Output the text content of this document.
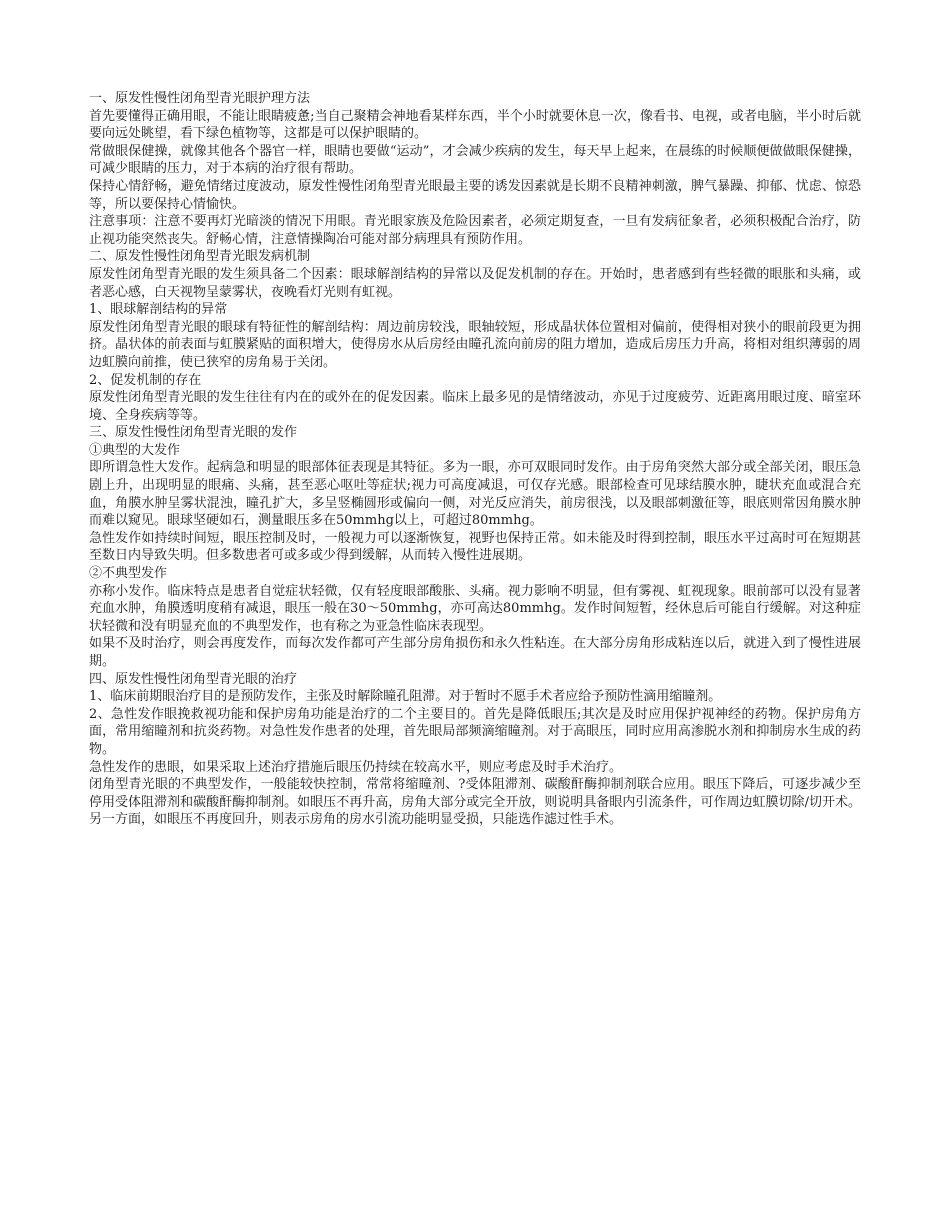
一、原发性慢性闭角型青光眼护理方法

首先要懂得正确用眼，不能让眼睛疲惫;当自己聚精会神地看某样东西，半个小时就要休息一次，像看书、电视，或者电脑，半小时后就要向远处眺望，看下绿色植物等，这都是可以保护眼睛的。

常做眼保健操，就像其他各个器官一样，眼睛也要做“运动”，才会减少疾病的发生，每天早上起来，在晨练的时候顺便做做眼保健操，可减少眼睛的压力，对于本病的治疗很有帮助。

保持心情舒畅，避免情绪过度波动，原发性慢性闭角型青光眼最主要的诱发因素就是长期不良精神刺激，脾气暴躁、抑郁、忧虑、惊恐等，所以要保持心情愉快。

注意事项：注意不要再灯光暗淡的情况下用眼。青光眼家族及危险因素者，必须定期复查，一旦有发病征象者，必须积极配合治疗，防止视功能突然丧失。舒畅心情，注意情操陶冶可能对部分病理具有预防作用。

二、原发性慢性闭角型青光眼发病机制

原发性闭角型青光眼的发生须具备二个因素：眼球解剖结构的异常以及促发机制的存在。开始时，患者感到有些轻微的眼胀和头痛，或者恶心感，白天视物呈蒙雾状，夜晚看灯光则有虹视。

1、眼球解剖结构的异常

原发性闭角型青光眼的眼球有特征性的解剖结构：周边前房较浅，眼轴较短，形成晶状体位置相对偏前，使得相对狭小的眼前段更为拥挤。晶状体的前表面与虹膜紧贴的面积增大，使得房水从后房经由瞳孔流向前房的阻力增加，造成后房压力升高，将相对组织薄弱的周边虹膜向前推，使已狭窄的房角易于关闭。

2、促发机制的存在

原发性闭角型青光眼的发生往往有内在的或外在的促发因素。临床上最多见的是情绪波动，亦见于过度疲劳、近距离用眼过度、暗室环境、全身疾病等等。

三、原发性慢性闭角型青光眼的发作

①典型的大发作

即所谓急性大发作。起病急和明显的眼部体征表现是其特征。多为一眼，亦可双眼同时发作。由于房角突然大部分或全部关闭，眼压急剧上升，出现明显的眼痛、头痛，甚至恶心呕吐等症状;视力可高度减退，可仅存光感。眼部检查可见球结膜水肿，睫状充血或混合充血，角膜水肿呈雾状混浊，瞳孔扩大，多呈竖椭圆形或偏向一侧，对光反应消失，前房很浅，以及眼部刺激征等，眼底则常因角膜水肿而难以窥见。眼球坚硬如石，测量眼压多在50mmhg以上，可超过80mmhg。

急性发作如持续时间短，眼压控制及时，一般视力可以逐渐恢复，视野也保持正常。如未能及时得到控制，眼压水平过高时可在短期甚至数日内导致失明。但多数患者可或多或少得到缓解，从而转入慢性进展期。

②不典型发作

亦称小发作。临床特点是患者自觉症状轻微，仅有轻度眼部酸胀、头痛。视力影响不明显，但有雾视、虹视现象。眼前部可以没有显著充血水肿，角膜透明度稍有减退，眼压一般在30～50mmhg，亦可高达80mmhg。发作时间短暂，经休息后可能自行缓解。对这种症状轻微和没有明显充血的不典型发作，也有称之为亚急性临床表现型。

如果不及时治疗，则会再度发作，而每次发作都可产生部分房角损伤和永久性粘连。在大部分房角形成粘连以后，就进入到了慢性进展期。

四、原发性慢性闭角型青光眼的治疗

1、临床前期眼治疗目的是预防发作，主张及时解除瞳孔阻滞。对于暂时不愿手术者应给予预防性滴用缩瞳剂。

2、急性发作眼挽救视功能和保护房角功能是治疗的二个主要目的。首先是降低眼压;其次是及时应用保护视神经的药物。保护房角方面，常用缩瞳剂和抗炎药物。对急性发作患者的处理，首先眼局部频滴缩瞳剂。对于高眼压，同时应用高渗脱水剂和抑制房水生成的药物。

急性发作的患眼，如果采取上述治疗措施后眼压仍持续在较高水平，则应考虑及时手术治疗。

闭角型青光眼的不典型发作，一般能较快控制，常常将缩瞳剂、?受体阻滞剂、碳酸酐酶抑制剂联合应用。眼压下降后，可逐步减少至停用受体阻滞剂和碳酸酐酶抑制剂。如眼压不再升高，房角大部分或完全开放，则说明具备眼内引流条件，可作周边虹膜切除/切开术。另一方面，如眼压不再度回升，则表示房角的房水引流功能明显受损，只能选作滤过性手术。
